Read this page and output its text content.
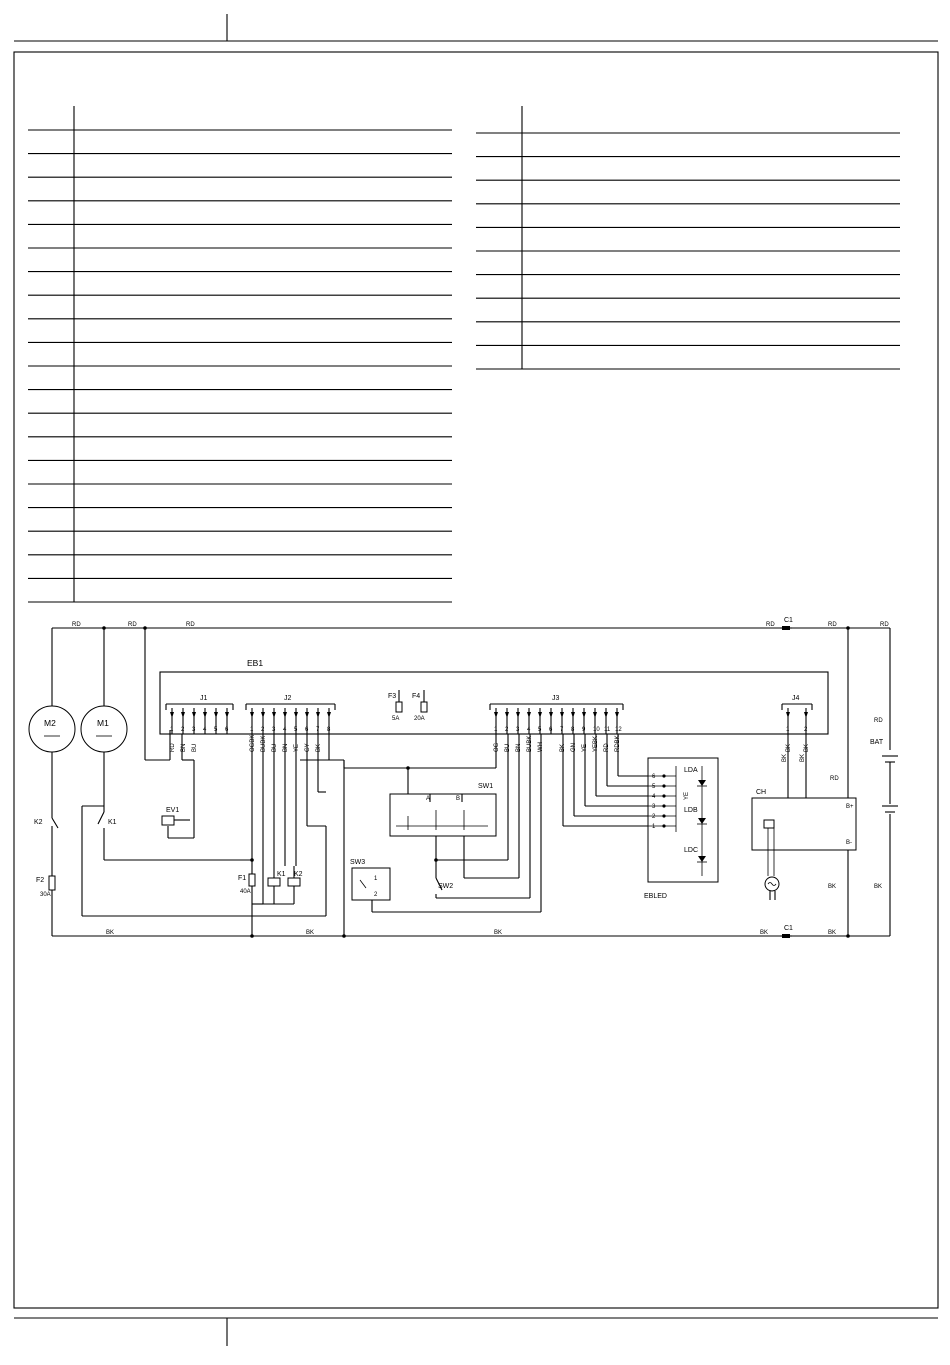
RD	RD	RD	RD	RD	RD
RD
RD
BK	BK	BK	BK	BK
BK	BK
C1
C1
EB1
J1
1
RD
2
BN
3
BU
4 5 6
J2
1
OGBK
2
BUBK
3
BU
4
BN
5
YE
6
GY
7
BK
8
J3
1
OG
2
BU
3
BN
4
BUBK
5
WH
6 7
BK
8
GN
9
YE
10
YEBK
11
RD
12
RDBK
J4
1
BK
2
BK
M2	M1
K2
F2
30A
K1
EV1
F1
40A
K1 K2
F3
5A
F4
20A
SW1
A	B
SW2
SW3
1
2	EBLED
LDA
LDB
LDC
6
5
4
3
2
1
YE
BK BK
CH
B+
B-
BAT
